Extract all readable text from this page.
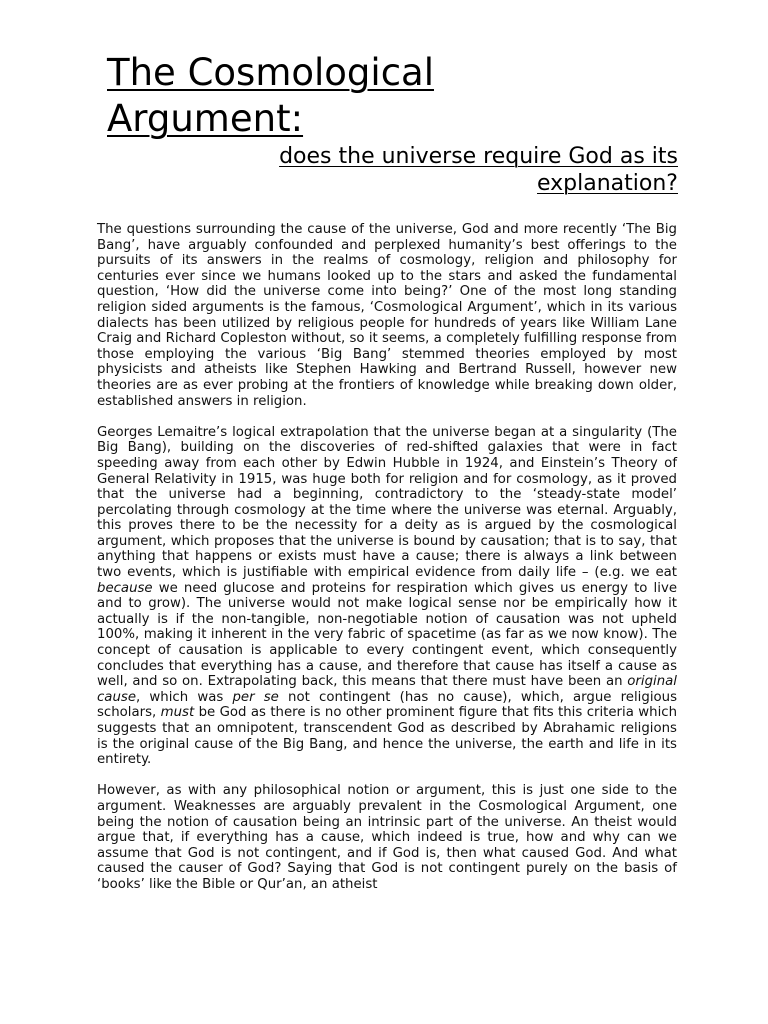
The Cosmological Argument:
does the universe require God as its explanation?

The questions surrounding the cause of the universe, God and more recently ‘The Big Bang’, have arguably confounded and perplexed humanity’s best offerings to the pursuits of its answers in the realms of cosmology, religion and philosophy for centuries ever since we humans looked up to the stars and asked the fundamental question, ‘How did the universe come into being?’ One of the most long standing religion sided arguments is the famous, ‘Cosmological Argument’, which in its various dialects has been utilized by religious people for hundreds of years like William Lane Craig and Richard Copleston without, so it seems, a completely fulfilling response from those employing the various ‘Big Bang’ stemmed theories employed by most physicists and atheists like Stephen Hawking and Bertrand Russell, however new theories are as ever probing at the frontiers of knowledge while breaking down older, established answers in religion.

Georges Lemaitre’s logical extrapolation that the universe began at a singularity (The Big Bang), building on the discoveries of red-shifted galaxies that were in fact speeding away from each other by Edwin Hubble in 1924, and Einstein’s Theory of General Relativity in 1915, was huge both for religion and for cosmology, as it proved that the universe had a beginning, contradictory to the ‘steady-state model’ percolating through cosmology at the time where the universe was eternal. Arguably, this proves there to be the necessity for a deity as is argued by the cosmological argument, which proposes that the universe is bound by causation; that is to say, that anything that happens or exists must have a cause; there is always a link between two events, which is justifiable with empirical evidence from daily life – (e.g. we eat because we need glucose and proteins for respiration which gives us energy to live and to grow). The universe would not make logical sense nor be empirically how it actually is if the non-tangible, non-negotiable notion of causation was not upheld 100%, making it inherent in the very fabric of spacetime (as far as we now know). The concept of causation is applicable to every contingent event, which consequently concludes that everything has a cause, and therefore that cause has itself a cause as well, and so on. Extrapolating back, this means that there must have been an original cause, which was per se not contingent (has no cause), which, argue religious scholars, must be God as there is no other prominent figure that fits this criteria which suggests that an omnipotent, transcendent God as described by Abrahamic religions is the original cause of the Big Bang, and hence the universe, the earth and life in its entirety.

However, as with any philosophical notion or argument, this is just one side to the argument. Weaknesses are arguably prevalent in the Cosmological Argument, one being the notion of causation being an intrinsic part of the universe. An theist would argue that, if everything has a cause, which indeed is true, how and why can we assume that God is not contingent, and if God is, then what caused God. And what caused the causer of God? Saying that God is not contingent purely on the basis of ‘books’ like the Bible or Qur’an, an atheist
